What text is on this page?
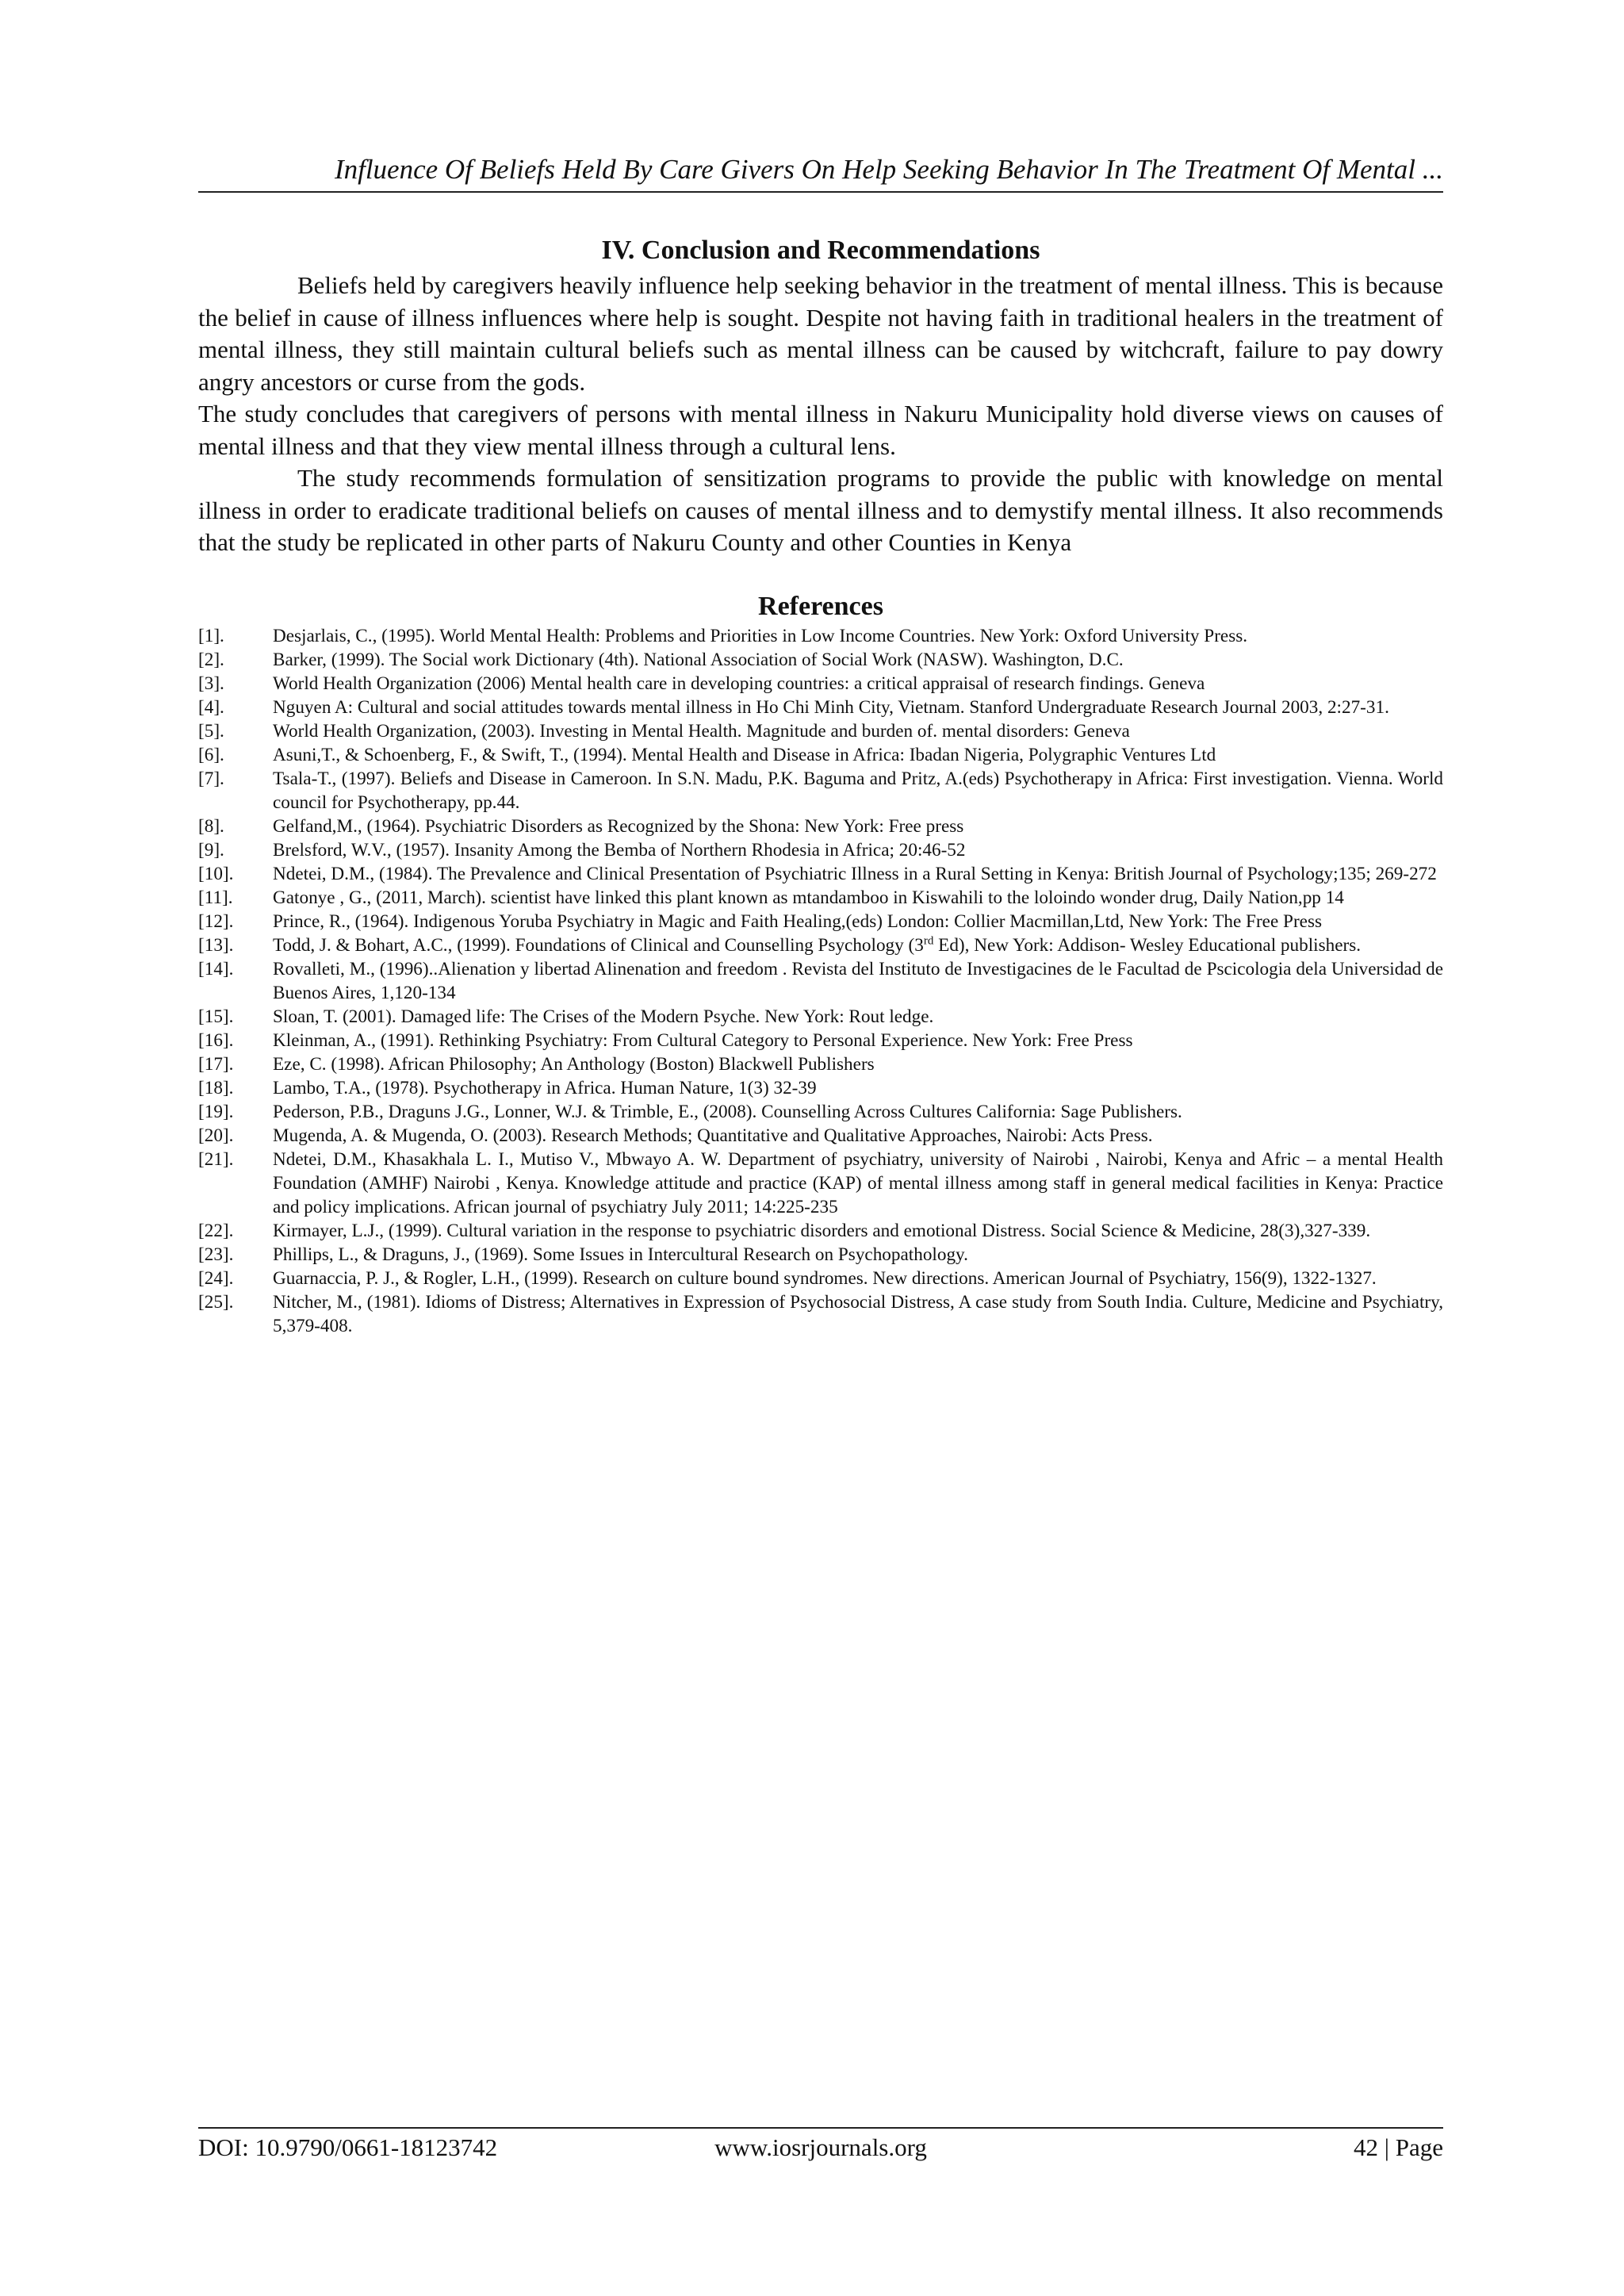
Influence Of Beliefs Held By Care Givers On Help Seeking Behavior In The Treatment Of Mental ...
IV. Conclusion and Recommendations

Beliefs held by caregivers heavily influence help seeking behavior in the treatment of mental illness. This is because the belief in cause of illness influences where help is sought. Despite not having faith in traditional healers in the treatment of mental illness, they still maintain cultural beliefs such as mental illness can be caused by witchcraft, failure to pay dowry angry ancestors or curse from the gods.

The study concludes that caregivers of persons with mental illness in Nakuru Municipality hold diverse views on causes of mental illness and that they view mental illness through a cultural lens.

The study recommends formulation of sensitization programs to provide the public with knowledge on mental illness in order to eradicate traditional beliefs on causes of mental illness and to demystify mental illness. It also recommends that the study be replicated in other parts of Nakuru County and other Counties in Kenya

References
[1].	Desjarlais, C., (1995). World Mental Health: Problems and Priorities in Low Income Countries. New York: Oxford University Press.
[2].	Barker, (1999). The Social work Dictionary (4th). National Association of Social Work (NASW). Washington, D.C.
[3].	World Health Organization (2006) Mental health care in developing countries: a critical appraisal of research findings. Geneva
[4].	Nguyen A: Cultural and social attitudes towards mental illness in Ho Chi Minh City, Vietnam. Stanford Undergraduate Research Journal 2003, 2:27-31.
[5].	World Health Organization, (2003). Investing in Mental Health. Magnitude and burden of. mental disorders: Geneva
[6].	Asuni,T., & Schoenberg, F., & Swift, T., (1994). Mental Health and Disease in Africa: Ibadan Nigeria, Polygraphic Ventures Ltd
[7].	Tsala-T., (1997). Beliefs and Disease in Cameroon. In S.N. Madu, P.K. Baguma and Pritz, A.(eds) Psychotherapy in Africa: First investigation. Vienna. World council for Psychotherapy, pp.44.
[8].	Gelfand,M., (1964). Psychiatric Disorders as Recognized by the Shona: New York: Free press
[9].	Brelsford, W.V., (1957). Insanity Among the Bemba of Northern Rhodesia in Africa; 20:46-52
[10].	Ndetei, D.M., (1984). The Prevalence and Clinical Presentation of Psychiatric Illness in a Rural Setting in Kenya: British Journal of Psychology;135; 269-272
[11].	Gatonye , G., (2011, March). scientist have linked this plant known as mtandamboo in Kiswahili to the loloindo wonder drug, Daily Nation,pp 14
[12].	Prince, R., (1964). Indigenous Yoruba Psychiatry in Magic and Faith Healing,(eds) London: Collier Macmillan,Ltd, New York: The Free Press
[13].	Todd, J. & Bohart, A.C., (1999). Foundations of Clinical and Counselling Psychology (3rd Ed), New York: Addison- Wesley Educational publishers.
[14].	Rovalleti, M., (1996)..Alienation y libertad Alinenation and freedom . Revista del Instituto de Investigacines de le Facultad de Pscicologia dela Universidad de Buenos Aires, 1,120-134
[15].	Sloan, T. (2001). Damaged life: The Crises of the Modern Psyche. New York: Rout ledge.
[16].	Kleinman, A., (1991). Rethinking Psychiatry: From Cultural Category to Personal Experience. New York: Free Press
[17].	Eze, C. (1998). African Philosophy; An Anthology (Boston) Blackwell Publishers
[18].	Lambo, T.A., (1978). Psychotherapy in Africa. Human Nature, 1(3) 32-39
[19].	Pederson, P.B., Draguns J.G., Lonner, W.J. & Trimble, E., (2008). Counselling Across Cultures California: Sage Publishers.
[20].	Mugenda, A. & Mugenda, O. (2003). Research Methods; Quantitative and Qualitative Approaches, Nairobi: Acts Press.
[21].	Ndetei, D.M., Khasakhala L. I., Mutiso V., Mbwayo A. W. Department of psychiatry, university of Nairobi , Nairobi, Kenya and Afric – a mental Health Foundation (AMHF) Nairobi , Kenya. Knowledge attitude and practice (KAP) of mental illness among staff in general medical facilities in Kenya: Practice and policy implications. African journal of psychiatry July 2011; 14:225-235
[22].	Kirmayer, L.J., (1999). Cultural variation in the response to psychiatric disorders and emotional Distress. Social Science & Medicine, 28(3),327-339.
[23].	Phillips, L., & Draguns, J., (1969). Some Issues in Intercultural Research on Psychopathology.
[24].	Guarnaccia, P. J., & Rogler, L.H., (1999). Research on culture bound syndromes. New directions. American Journal of Psychiatry, 156(9), 1322-1327.
[25].	Nitcher, M., (1981). Idioms of Distress; Alternatives in Expression of Psychosocial Distress, A case study from South India. Culture, Medicine and Psychiatry, 5,379-408.
www.iosrjournals.org
DOI: 10.9790/0661-18123742	42 | Page
